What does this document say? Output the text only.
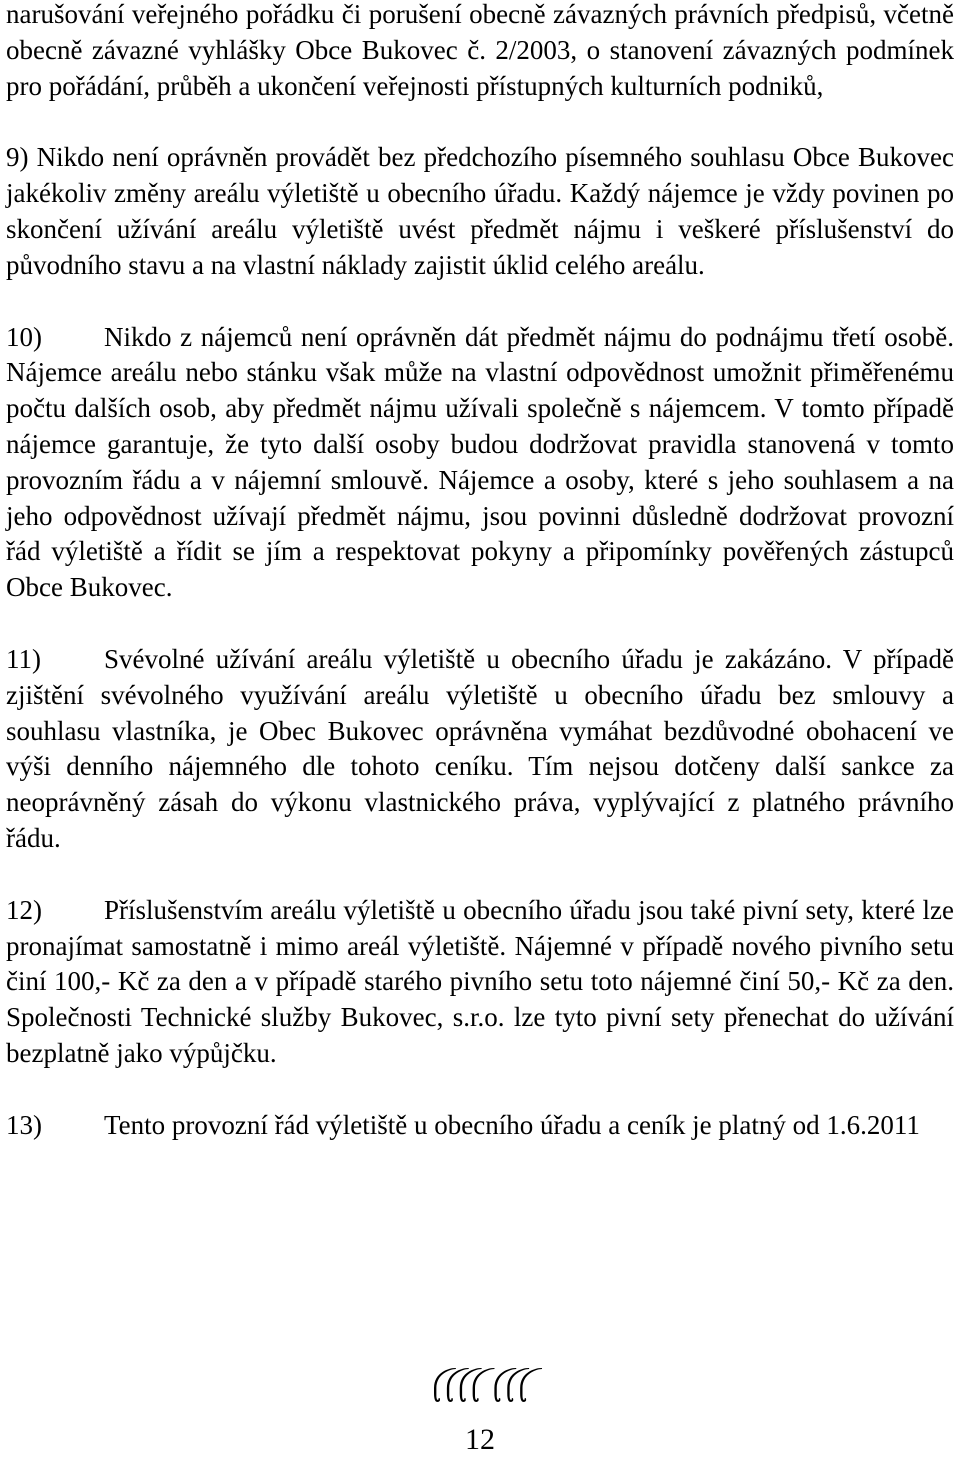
narušování veřejného pořádku či porušení obecně závazných právních předpisů, včetně obecně závazné vyhlášky Obce Bukovec č. 2/2003, o stanovení závazných podmínek pro pořádání, průběh a ukončení veřejnosti přístupných kulturních podniků,

9) Nikdo není oprávněn provádět bez předchozího písemného souhlasu Obce Bukovec jakékoliv změny areálu výletiště u obecního úřadu. Každý nájemce je vždy povinen po skončení užívání areálu výletiště uvést předmět nájmu i veškeré příslušenství do původního stavu a na vlastní náklady zajistit úklid celého areálu.

10) Nikdo z nájemců není oprávněn dát předmět nájmu do podnájmu třetí osobě. Nájemce areálu nebo stánku však může na vlastní odpovědnost umožnit přiměřenému počtu dalších osob, aby předmět nájmu užívali společně s nájemcem. V tomto případě nájemce garantuje, že tyto další osoby budou dodržovat pravidla stanovená v tomto provozním řádu a v nájemní smlouvě. Nájemce a osoby, které s jeho souhlasem a na jeho odpovědnost užívají předmět nájmu, jsou povinni důsledně dodržovat provozní řád výletiště a řídit se jím a respektovat pokyny a připomínky pověřených zástupců Obce Bukovec.

11) Svévolné užívání areálu výletiště u obecního úřadu je zakázáno. V případě zjištění svévolného využívání areálu výletiště u obecního úřadu bez smlouvy a souhlasu vlastníka, je Obec Bukovec oprávněna vymáhat bezdůvodné obohacení ve výši denního nájemného dle tohoto ceníku. Tím nejsou dotčeny další sankce za neoprávněný zásah do výkonu vlastnického práva, vyplývající z platného právního řádu.

12) Příslušenstvím areálu výletiště u obecního úřadu jsou také pivní sety, které lze pronajímat samostatně i mimo areál výletiště. Nájemné v případě nového pivního setu činí 100,- Kč za den a v případě starého pivního setu toto nájemné činí 50,- Kč za den. Společnosti Technické služby Bukovec, s.r.o. lze tyto pivní sety přenechat do užívání bezplatně jako výpůjčku.

13)	Tento provozní řád výletiště u obecního úřadu a ceník je platný od 1.6.2011
ꪶꪶꪶꪶ ꪶꪶꪶ
12
